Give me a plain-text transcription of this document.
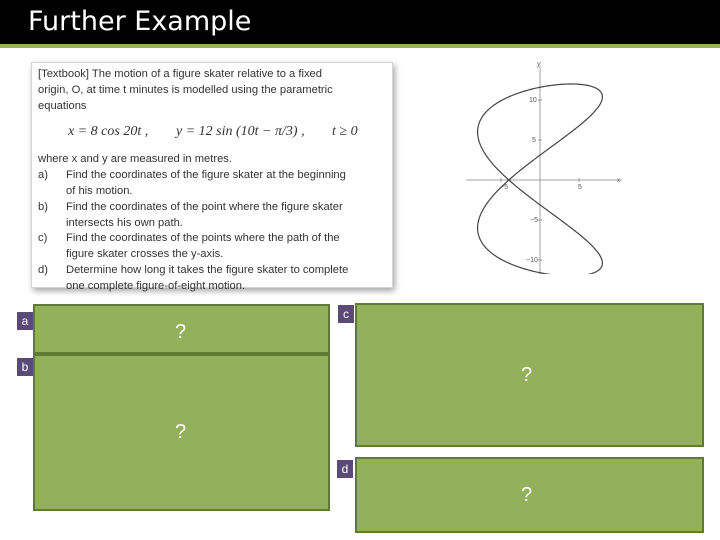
Further Example
[Textbook] The motion of a figure skater relative to a fixed
origin, O, at time t minutes is modelled using the parametric
equations
x = 8 cos 20t , y = 12 sin (10t − π/3) , t ≥ 0
where x and y are measured in metres.
a) Find the coordinates of the figure skater at the beginning
of his motion.
b) Find the coordinates of the point where the figure skater
intersects his own path.
c) Find the coordinates of the points where the path of the
figure skater crosses the y-axis.
d) Determine how long it takes the figure skater to complete
one complete figure-of-eight motion.
x
y
5
−5
10
5
−5
−10
?
a
?
b	?
c
?
d
